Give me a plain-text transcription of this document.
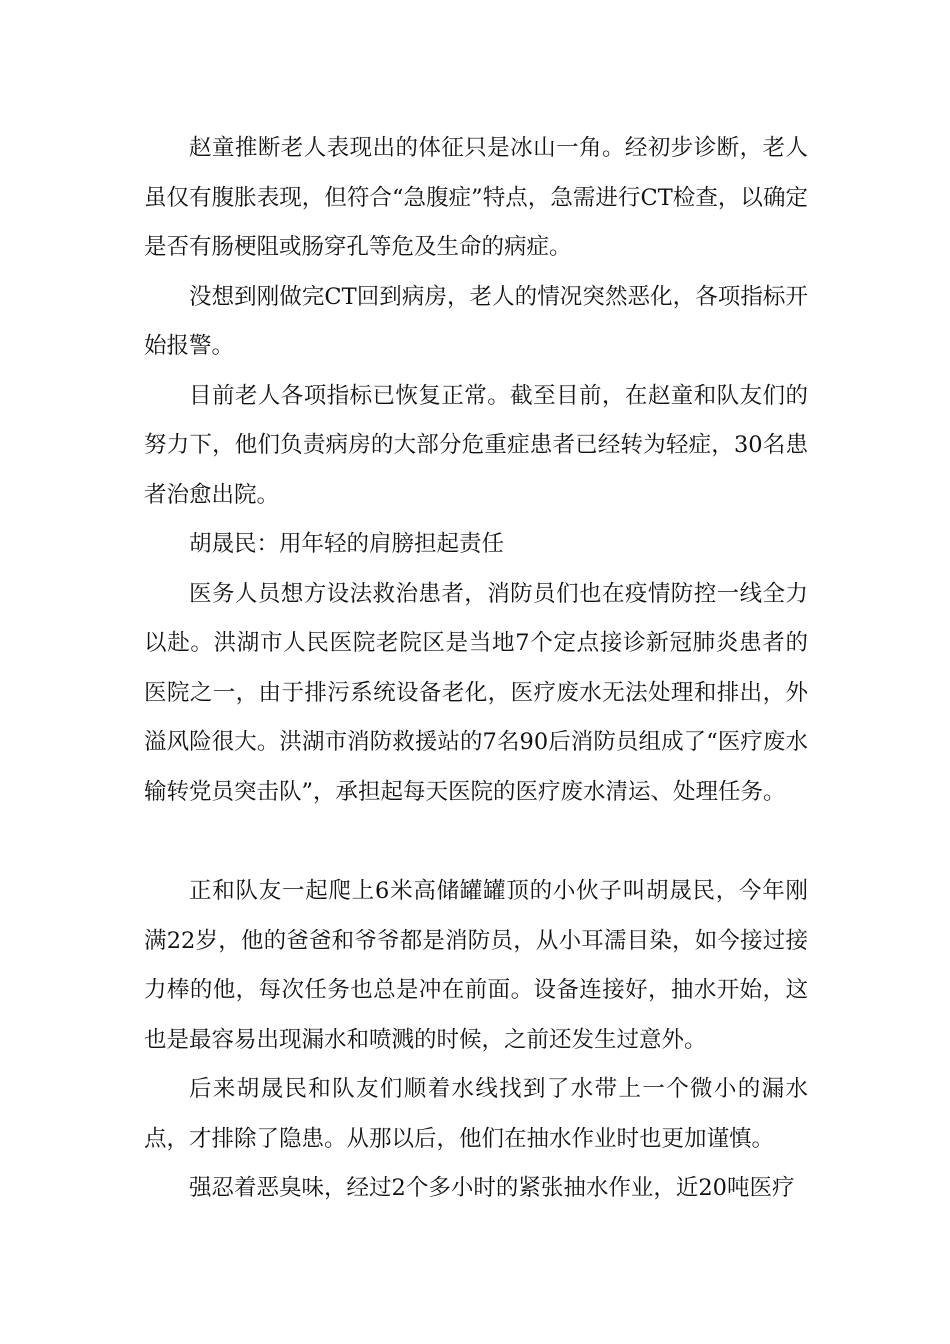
赵童推断老人表现出的体征只是冰山一角。经初步诊断，老人虽仅有腹胀表现，但符合“急腹症”特点，急需进行CT检查，以确定是否有肠梗阻或肠穿孔等危及生命的病症。

没想到刚做完CT回到病房，老人的情况突然恶化，各项指标开始报警。

目前老人各项指标已恢复正常。截至目前，在赵童和队友们的努力下，他们负责病房的大部分危重症患者已经转为轻症，30名患者治愈出院。

胡晟民：用年轻的肩膀担起责任

医务人员想方设法救治患者，消防员们也在疫情防控一线全力以赴。洪湖市人民医院老院区是当地7个定点接诊新冠肺炎患者的医院之一，由于排污系统设备老化，医疗废水无法处理和排出，外溢风险很大。洪湖市消防救援站的7名90后消防员组成了“医疗废水输转党员突击队”，承担起每天医院的医疗废水清运、处理任务。

正和队友一起爬上6米高储罐罐顶的小伙子叫胡晟民，今年刚满22岁，他的爸爸和爷爷都是消防员，从小耳濡目染，如今接过接力棒的他，每次任务也总是冲在前面。设备连接好，抽水开始，这也是最容易出现漏水和喷溅的时候，之前还发生过意外。

后来胡晟民和队友们顺着水线找到了水带上一个微小的漏水点，才排除了隐患。从那以后，他们在抽水作业时也更加谨慎。

强忍着恶臭味，经过2个多小时的紧张抽水作业，近20吨医疗
